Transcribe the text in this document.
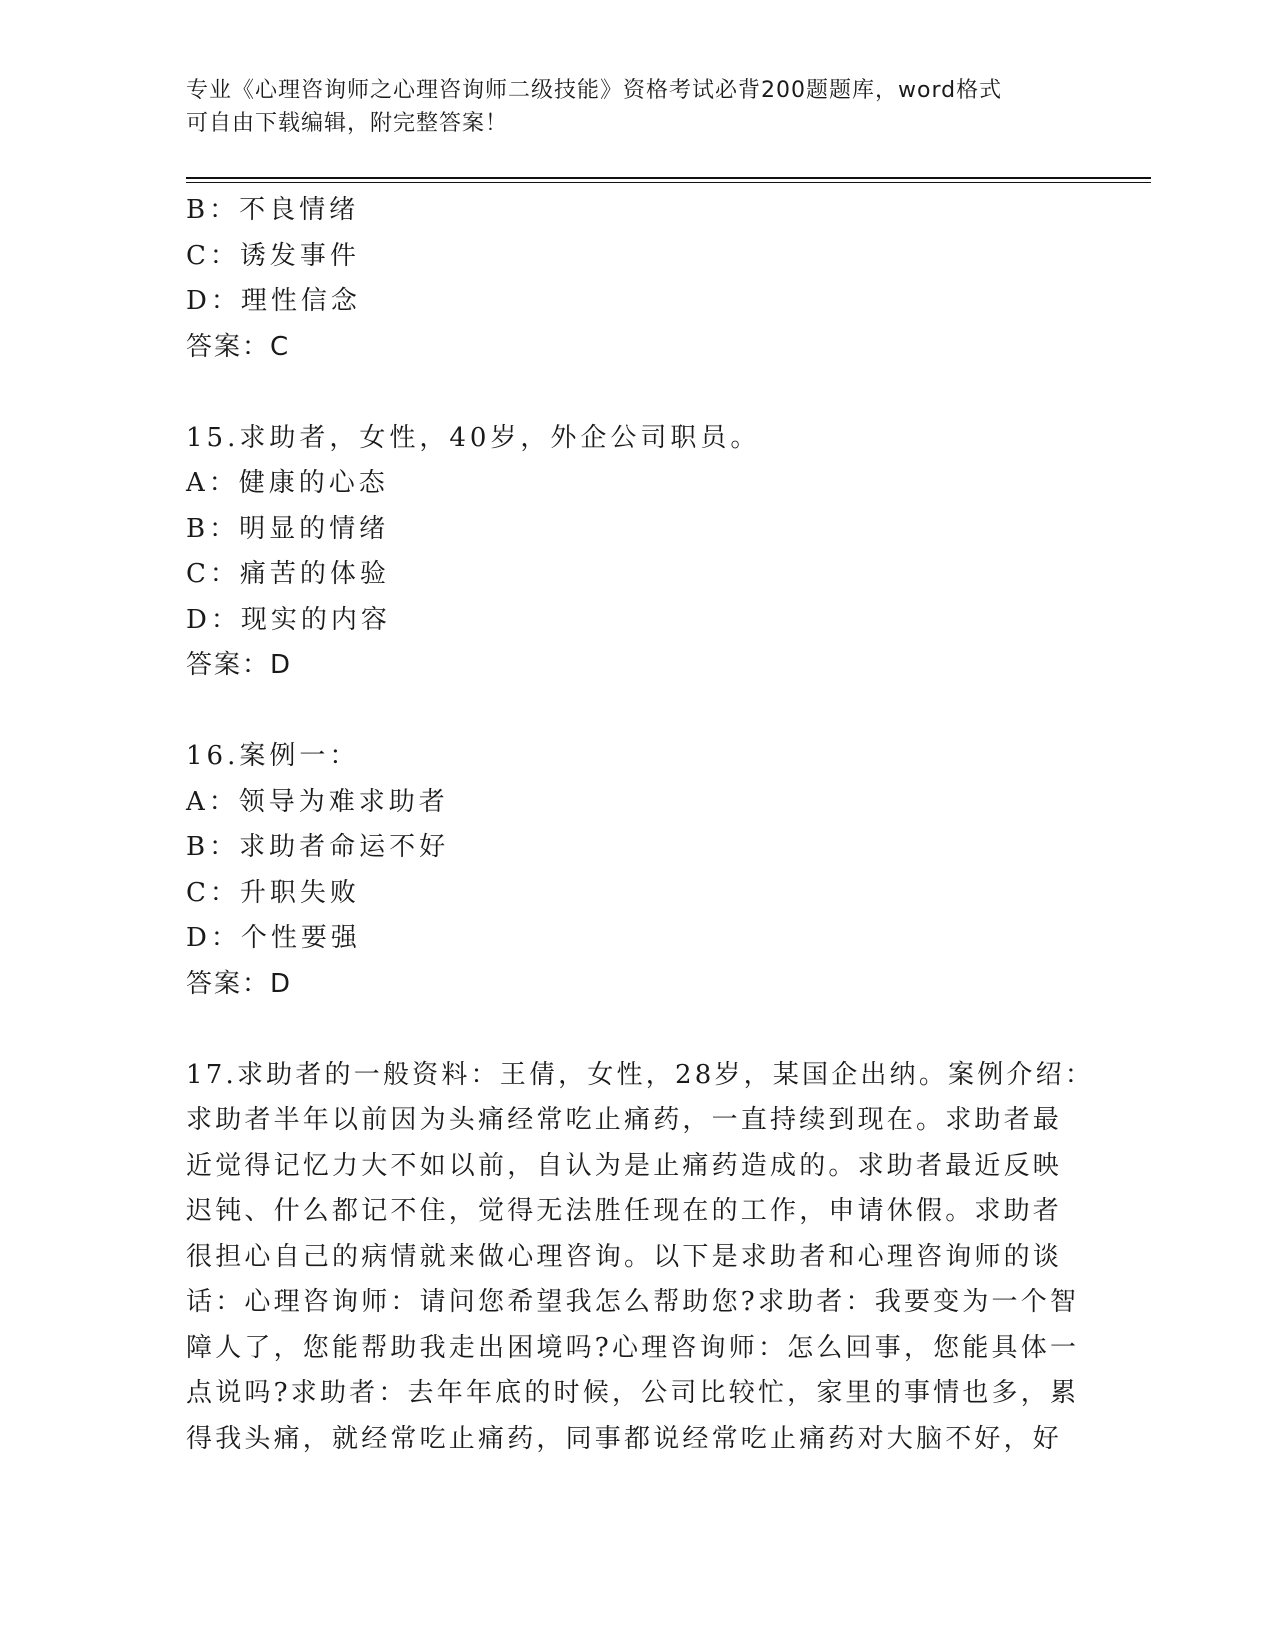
专业《心理咨询师之心理咨询师二级技能》资格考试必背200题题库，word格式
可自由下载编辑，附完整答案！
B：不良情绪
C：诱发事件
D：理性信念
答案：C
15.求助者，女性，40岁，外企公司职员。
A：健康的心态
B：明显的情绪
C：痛苦的体验
D：现实的内容
答案：D
16.案例一：
A：领导为难求助者
B：求助者命运不好
C：升职失败
D：个性要强
答案：D
17.求助者的一般资料：王倩，女性，28岁，某国企出纳。案例介绍：
求助者半年以前因为头痛经常吃止痛药，一直持续到现在。求助者最
近觉得记忆力大不如以前，自认为是止痛药造成的。求助者最近反映
迟钝、什么都记不住，觉得无法胜任现在的工作，申请休假。求助者
很担心自己的病情就来做心理咨询。以下是求助者和心理咨询师的谈
话：心理咨询师：请问您希望我怎么帮助您?求助者：我要变为一个智
障人了，您能帮助我走出困境吗?心理咨询师：怎么回事，您能具体一
点说吗?求助者：去年年底的时候，公司比较忙，家里的事情也多，累
得我头痛，就经常吃止痛药，同事都说经常吃止痛药对大脑不好，好
